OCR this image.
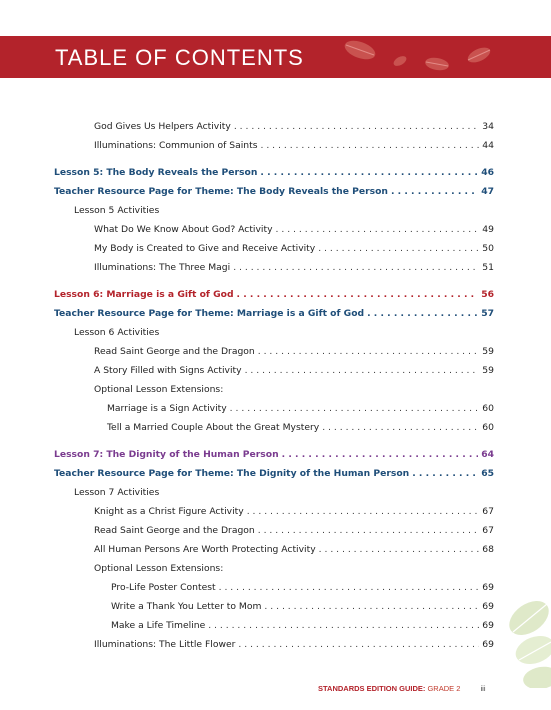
TABLE OF CONTENTS
God Gives Us Helpers Activity . . .	34
Illuminations: Communion of Saints . . .	44
Lesson 5: The Body Reveals the Person . . .	46
Teacher Resource Page for Theme: The Body Reveals the Person . . .	47
Lesson 5 Activities
What Do We Know About God? Activity . . .	49
My Body is Created to Give and Receive Activity . . .	50
Illuminations: The Three Magi . . .	51
Lesson 6: Marriage is a Gift of God . . .	56
Teacher Resource Page for Theme: Marriage is a Gift of God . . .	57
Lesson 6 Activities
Read Saint George and the Dragon . . .	59
A Story Filled with Signs Activity . . .	59
Optional Lesson Extensions:
Marriage is a Sign Activity . . .	60
Tell a Married Couple About the Great Mystery . . .	60
Lesson 7: The Dignity of the Human Person . . .	64
Teacher Resource Page for Theme: The Dignity of the Human Person . . .	65
Lesson 7 Activities
Knight as a Christ Figure Activity . . .	67
Read Saint George and the Dragon . . .	67
All Human Persons Are Worth Protecting Activity . . .	68
Optional Lesson Extensions:
Pro-Life Poster Contest . . .	69
Write a Thank You Letter to Mom . . .	69
Make a Life Timeline . . .	69
Illuminations: The Little Flower . . .	69
STANDARDS EDITION GUIDE: GRADE 2	iii
